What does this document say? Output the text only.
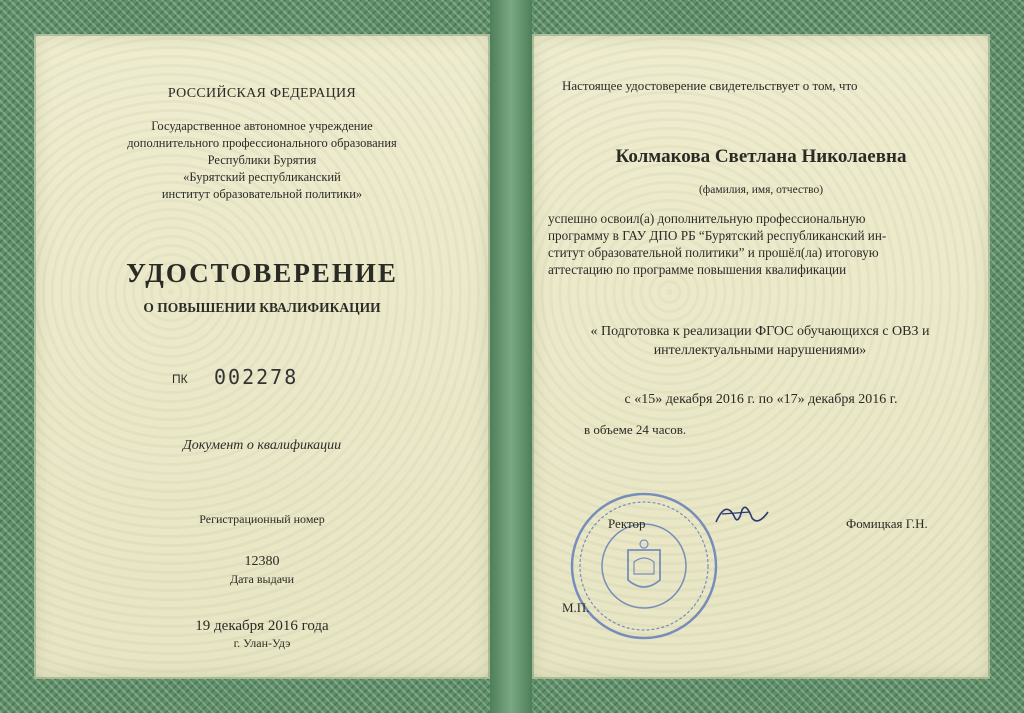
РОССИЙСКАЯ ФЕДЕРАЦИЯ
Государственное автономное учреждение
дополнительного профессионального образования
Республики Бурятия
«Бурятский республиканский
институт образовательной политики»
УДОСТОВЕРЕНИЕ
О ПОВЫШЕНИИ КВАЛИФИКАЦИИ
ПК 002278
Документ о квалификации
Регистрационный номер
12380
Дата выдачи
19 декабря 2016 года
г. Улан-Удэ
Настоящее удостоверение свидетельствует о том, что
Колмакова Светлана Николаевна
(фамилия, имя, отчество)
успешно освоил(а) дополнительную профессиональную
программу в ГАУ ДПО РБ “Бурятский республиканский ин-
ститут образовательной политики” и прошёл(ла) итоговую
аттестацию по программе повышения квалификации
« Подготовка к реализации ФГОС обучающихся с ОВЗ и
интеллектуальными нарушениями»
с «15» декабря 2016 г. по «17» декабря 2016 г.
в объеме 24 часов.
Ректор	Фомицкая Г.Н.
М.П.
